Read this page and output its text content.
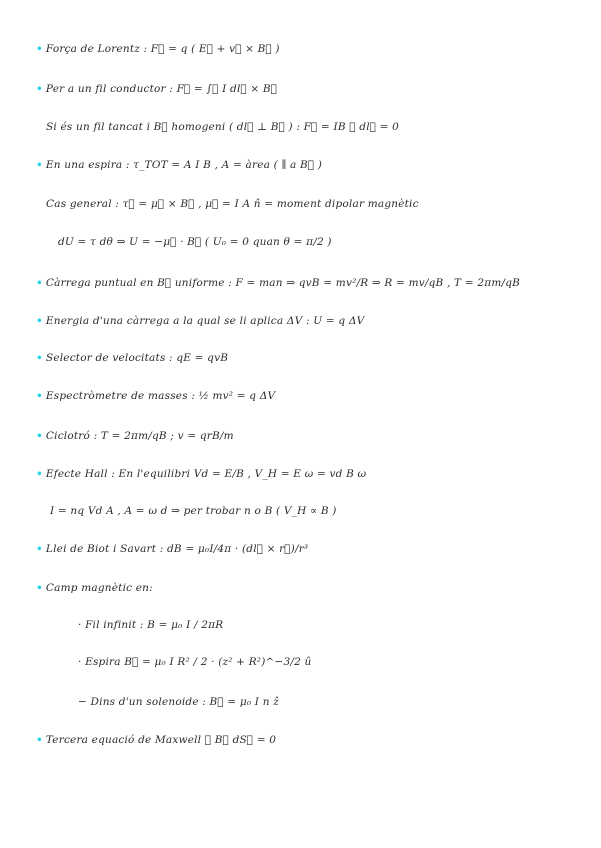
• Força de Lorentz : F⃗ = q ( E⃗ + v⃗ × B⃗ )
• Per a un fil conductor : F⃗ = ∫꜀ I dl⃗ × B⃗
Si és un fil tancat i B⃗ homogeni ( dl⃗ ⊥ B⃗ ) : F⃗ = IB ∮ dl⃗ = 0
• En una espira : τ_TOT = A I B , A = àrea ( ∥ a B⃗ )
Cas general : τ⃗ = μ⃗ × B⃗ , μ⃗ = I A n̂ = moment dipolar magnètic
dU = τ dθ ⇒ U = −μ⃗ · B⃗ ( U₀ = 0 quan θ = π/2 )
• Càrrega puntual en B⃗ uniforme : F = man ⇒ qvB = mv²/R ⇒ R = mv/qB , T = 2πm/qB
• Energia d'una càrrega a la qual se li aplica ΔV : U = q ΔV
• Selector de velocitats : qE = qvB
• Espectròmetre de masses : ½ mv² = q ΔV
• Ciclotró : T = 2πm/qB ; v = qrB/m
• Efecte Hall : En l'equilibri Vd = E/B , V_H = E ω = vd B ω
I = nq Vd A , A = ω d ⇒ per trobar n o B ( V_H ∝ B )
• Llei de Biot i Savart : dB = μ₀I/4π · (dl⃗ × r⃗)/r³
• Camp magnètic en:
· Fil infinit : B = μ₀ I / 2πR
· Espira B⃗ = μ₀ I R² / 2 · (z² + R²)^−3/2 û
− Dins d'un solenoide : B⃗ = μ₀ I n ẑ
• Tercera equació de Maxwell ∮ B⃗ dS⃗ = 0
